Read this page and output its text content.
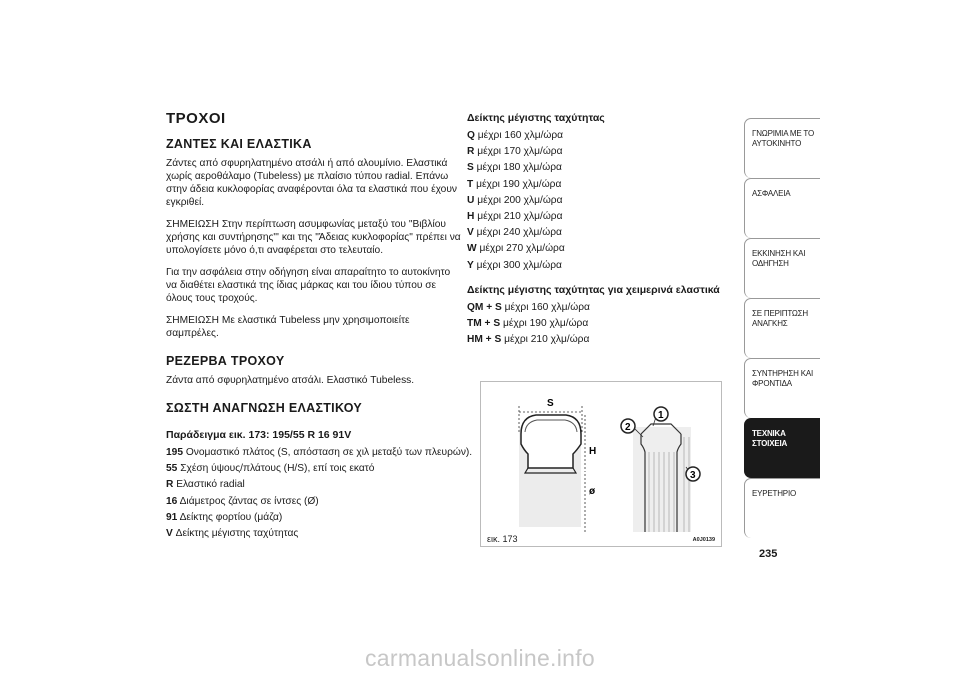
ΤΡΟΧΟΙ
ΖΑΝΤΕΣ ΚΑΙ ΕΛΑΣΤΙΚΑ
Ζάντες από σφυρηλατημένο ατσάλι ή από αλουμίνιο. Ελαστικά χωρίς αεροθάλαμο (Tubeless) με πλαίσιο τύπου radial. Επάνω στην άδεια κυκλοφορίας αναφέρονται όλα τα ελαστικά που έχουν εγκριθεί.
ΣΗΜΕΙΩΣΗ Στην περίπτωση ασυμφωνίας μεταξύ του "Βιβλίου χρήσης και συντήρησης"' και της "Άδειας κυκλοφορίας" πρέπει να υπολογίσετε μόνο ό,τι αναφέρεται στο τελευταίο.
Για την ασφάλεια στην οδήγηση είναι απαραίτητο το αυτοκίνητο να διαθέτει ελαστικά της ίδιας μάρκας και του ίδιου τύπου σε όλους τους τροχούς.
ΣΗΜΕΙΩΣΗ Με ελαστικά Tubeless μην χρησιμοποιείτε σαμπρέλες.
ΡΕΖΕΡΒΑ ΤΡΟΧΟΥ
Ζάντα από σφυρηλατημένο ατσάλι. Ελαστικό Tubeless.
ΣΩΣΤΗ ΑΝΑΓΝΩΣΗ ΕΛΑΣΤΙΚΟΥ
Παράδειγμα εικ. 173: 195/55 R 16 91V
195 Ονομαστικό πλάτος (S, απόσταση σε χιλ μεταξύ των πλευρών).
55 Σχέση ύψους/πλάτους (H/S), επί τοις εκατό
R Ελαστικό radial
16 Διάμετρος ζάντας σε ίντσες (Ø)
91 Δείκτης φορτίου (μάζα)
V Δείκτης μέγιστης ταχύτητας
Δείκτης μέγιστης ταχύτητας
Q μέχρι 160 χλμ/ώρα
R μέχρι 170 χλμ/ώρα
S μέχρι 180 χλμ/ώρα
T μέχρι 190 χλμ/ώρα
U μέχρι 200 χλμ/ώρα
H μέχρι 210 χλμ/ώρα
V μέχρι 240 χλμ/ώρα
W μέχρι 270 χλμ/ώρα
Y μέχρι 300 χλμ/ώρα
Δείκτης μέγιστης ταχύτητας για χειμερινά ελαστικά
QM + S μέχρι 160 χλμ/ώρα
TM + S μέχρι 190 χλμ/ώρα
HM + S μέχρι 210 χλμ/ώρα
S
H
ø
1
2
3
εικ. 173	A0J0139
ΓΝΩΡΙΜΙΑ ΜΕ ΤΟ
ΑΥΤΟΚΙΝΗΤΟ
ΑΣΦΑΛΕΙΑ
ΕΚΚΙΝΗΣΗ ΚΑΙ
ΟΔΗΓΗΣΗ
ΣΕ ΠΕΡΙΠΤΩΣΗ
ΑΝΑΓΚΗΣ
ΣΥΝΤΗΡΗΣΗ ΚΑΙ
ΦΡΟΝΤΙΔΑ
ΤΕΧΝΙΚΑ
ΣΤΟΙΧΕΙΑ
ΕΥΡΕΤΗΡΙΟ
235
carmanualsonline.info
